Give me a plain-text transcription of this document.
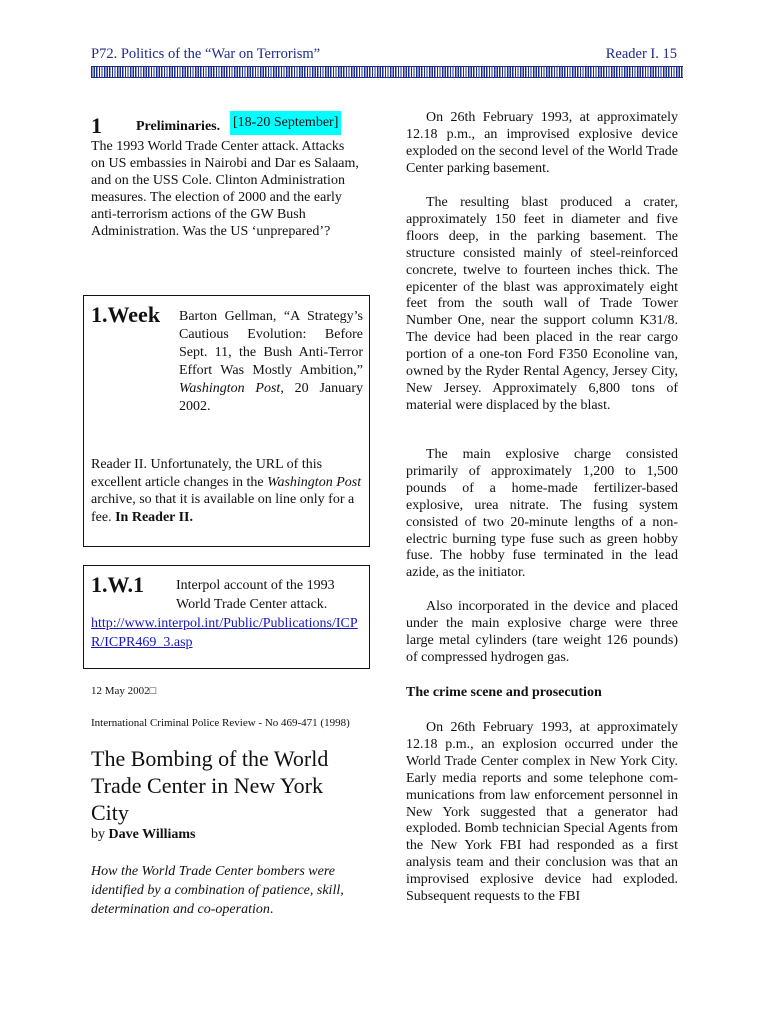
P72. Politics of the “War on Terrorism”	Reader I. 15
1 Preliminaries. [18-20 September]
The 1993 World Trade Center attack. Attacks on US embassies in Nairobi and Dar es Salaam, and on the USS Cole. Clinton Administration measures. The election of 2000 and the early anti-terrorism actions of the GW Bush Administration. Was the US ‘unprepared’?
1.Week Barton Gellman, “A Strategy’s Cautious Evolution: Before Sept. 11, the Bush Anti-Terror Effort Was Mostly Ambition,” Washington Post, 20 January 2002.
Reader II. Unfortunately, the URL of this excellent article changes in the Washington Post archive, so that it is available on line only for a fee. In Reader II.
1.W.1 Interpol account of the 1993 World Trade Center attack.
http://www.interpol.int/Public/Publications/ICPR/ICPR469_3.asp
12 May 2002□
International Criminal Police Review - No 469-471 (1998)
The Bombing of the World Trade Center in New York City
by Dave Williams
How the World Trade Center bombers were identified by a combination of patience, skill, determination and co-operation.

On 26th February 1993, at approximately 12.18 p.m., an improvised explosive device exploded on the second level of the World Trade Center parking basement.

The resulting blast produced a crater, approximately 150 feet in diameter and five floors deep, in the parking basement. The structure consisted mainly of steel-reinforced concrete, twelve to fourteen inches thick. The epicenter of the blast was approximately eight feet from the south wall of Trade Tower Number One, near the support column K31/8. The device had been placed in the rear cargo portion of a one-ton Ford F350 Econoline van, owned by the Ryder Rental Agency, Jersey City, New Jersey. Approximately 6,800 tons of material were displaced by the blast.

The main explosive charge consisted primarily of approximately 1,200 to 1,500 pounds of a home-made fertilizer-based explosive, urea nitrate. The fusing system consisted of two 20-minute lengths of a non-electric burning type fuse such as green hobby fuse. The hobby fuse terminated in the lead azide, as the initiator.

Also incorporated in the device and placed under the main explosive charge were three large metal cylinders (tare weight 126 pounds) of compressed hydrogen gas.

The crime scene and prosecution

On 26th February 1993, at approximately 12.18 p.m., an explosion occurred under the World Trade Center complex in New York City. Early media reports and some telephone com-munications from law enforcement personnel in New York suggested that a generator had exploded. Bomb technician Special Agents from the New York FBI had responded as a first analysis team and their conclusion was that an improvised explosive device had exploded. Subsequent requests to the FBI
